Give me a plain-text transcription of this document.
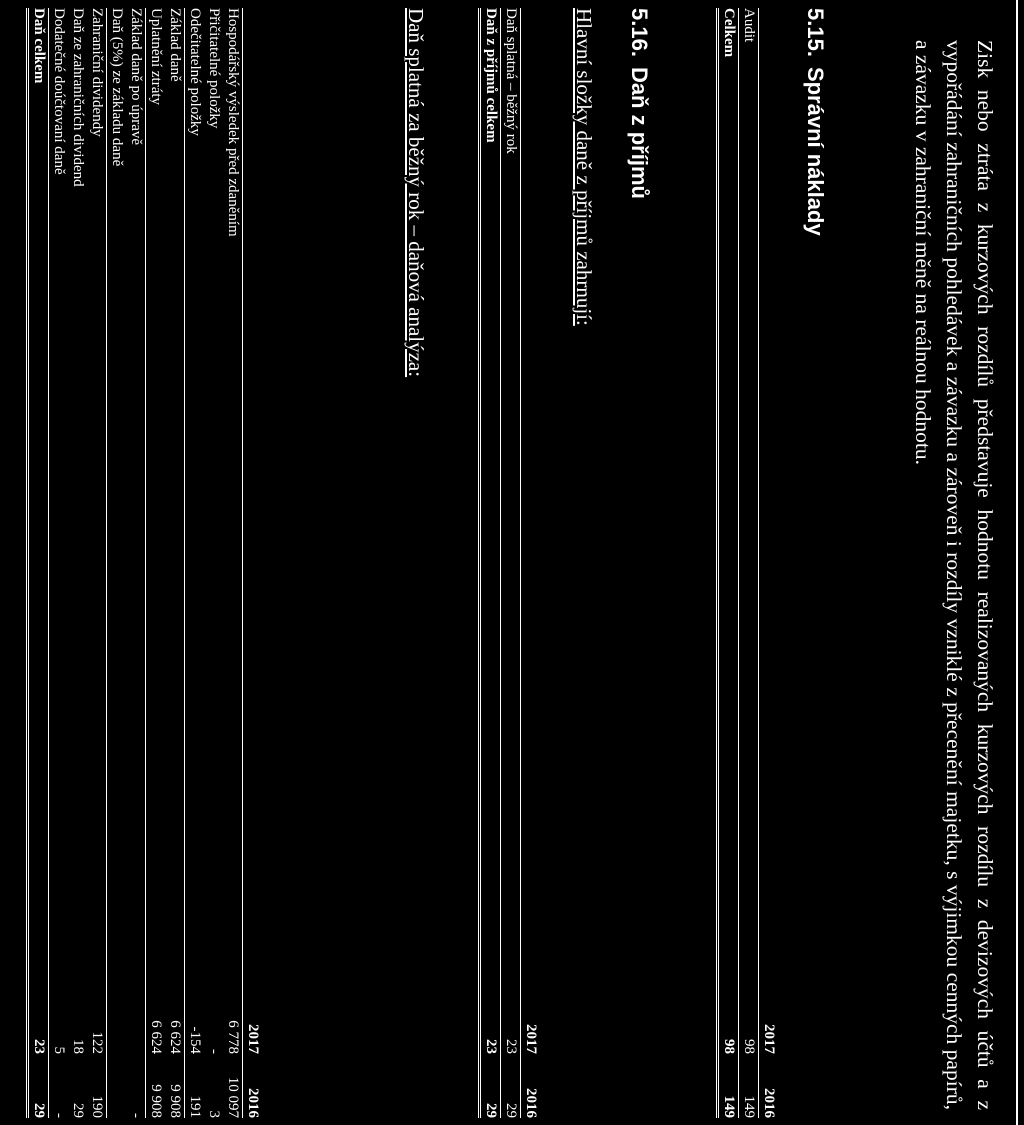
Zisk nebo ztráta z kurzových rozdílů představuje hodnotu realizovaných kurzových rozdílu z devizových účtů a z vypořádání zahraničních pohledávek a závazku a zároveň i rozdíly vzniklé z přecenění majetku, s výjimkou cenných papírů, a závazku v zahraniční měně na reálnou hodnotu.
5.15.Správní náklady
	2017	2016
Audit	98	149
Celkem	98	149
5.16.Daň z příjmů
Hlavní složky daně z příjmů zahrnují:
	2017	2016
Daň splatná – běžný rok	23	29
Daň z příjmů celkem	23	29
Daň splatná za běžný rok – daňová analýza:
	2017	2016
Hospodářský výsledek před zdaněním	6 778	10 097
Přičitatelné položky	-	3
Odečitatelné položky	-154	191
Základ daně	6 624	9 908
Uplatnění ztráty	6 624	9 908
Základ daně po úpravě		-
Daň (5%) ze základu daně		
Zahraniční dividendy	122	190
Daň ze zahraničních dividend	18	29
Dodatečné doúčtovaní daně	5	-
Daň celkem	23	29
